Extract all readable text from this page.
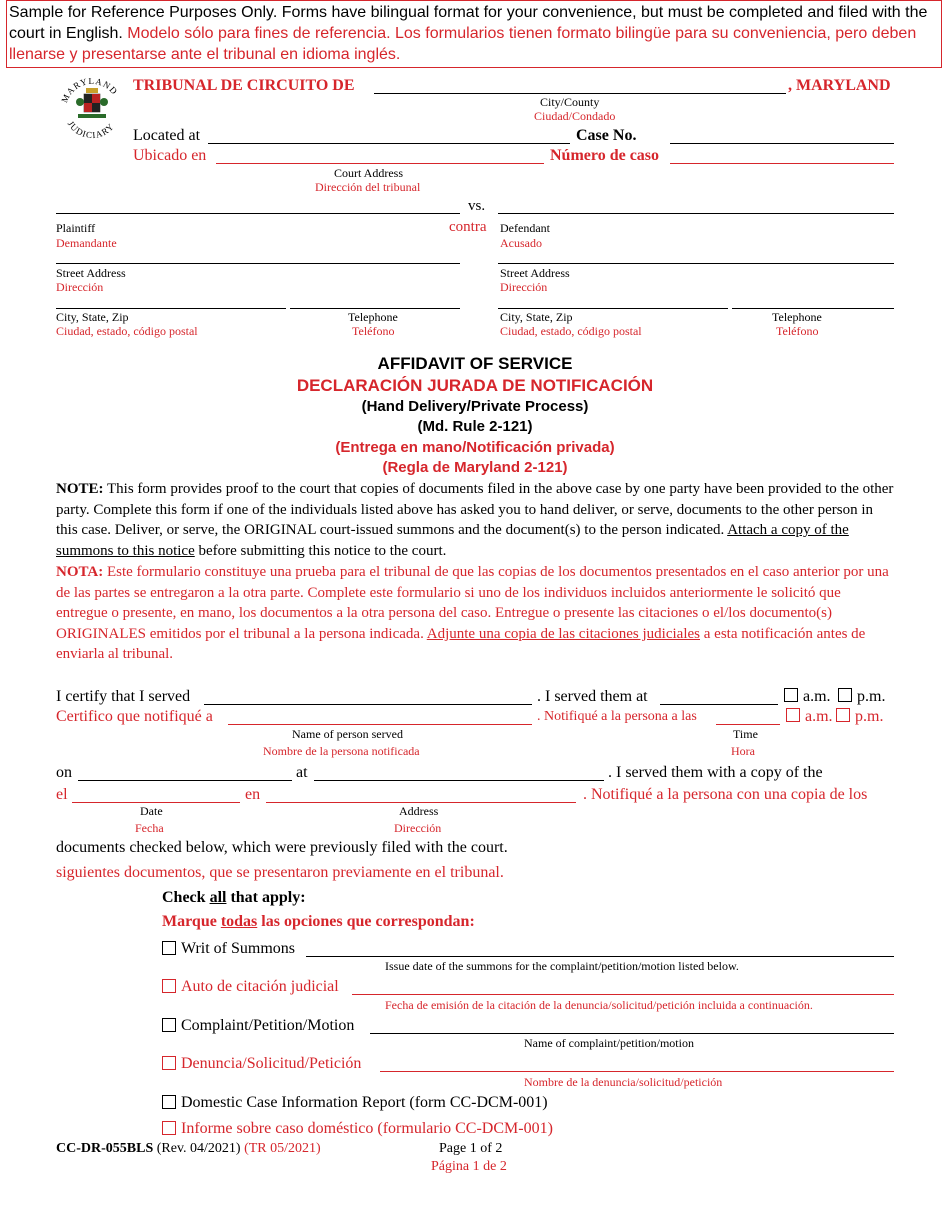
Sample for Reference Purposes Only. Forms have bilingual format for your convenience, but must be completed and filed with the court in English. Modelo sólo para fines de referencia. Los formularios tienen formato bilingüe para su conveniencia, pero deben llenarse y presentarse ante el tribunal en idioma inglés.
MARYLAND
JUDICIARY
TRIBUNAL DE CIRCUITO DE	, MARYLAND
City/County
Ciudad/Condado
Located at	Case No.
Ubicado en	Número de caso
Court Address
Dirección del tribunal
vs.
contra
Plaintiff
Demandante
Defendant
Acusado
Street Address
Dirección
Street Address
Dirección
City, State, Zip
Ciudad, estado, código postal
Telephone
Teléfono
City, State, Zip
Ciudad, estado, código postal
Telephone
Teléfono
AFFIDAVIT OF SERVICE
DECLARACIÓN JURADA DE NOTIFICACIÓN
(Hand Delivery/Private Process)
(Md. Rule 2-121)
(Entrega en mano/Notificación privada)
(Regla de Maryland 2-121)
NOTE: This form provides proof to the court that copies of documents filed in the above case by one party have been provided to the other party. Complete this form if one of the individuals listed above has asked you to hand deliver, or serve, documents to the other person in this case. Deliver, or serve, the ORIGINAL court-issued summons and the document(s) to the person indicated. Attach a copy of the summons to this notice before submitting this notice to the court.
NOTA: Este formulario constituye una prueba para el tribunal de que las copias de los documentos presentados en el caso anterior por una de las partes se entregaron a la otra parte. Complete este formulario si uno de los individuos incluidos anteriormente le solicitó que entregue o presente, en mano, los documentos a la otra persona del caso. Entregue o presente las citaciones o el/los documento(s) ORIGINALES emitidos por el tribunal a la persona indicada. Adjunte una copia de las citaciones judiciales a esta notificación antes de enviarla al tribunal.
I certify that I served	. I served them at	a.m. p.m.
Certifico que notifiqué a	. Notifiqué a la persona a las	a.m. p.m.
Name of person served
Nombre de la persona notificada
Time
Hora
on	at	. I served them with a copy of the
el	en	. Notifiqué a la persona con una copia de los
Date
Fecha
Address
Dirección
documents checked below, which were previously filed with the court.
siguientes documentos, que se presentaron previamente en el tribunal.
Check all that apply:
Marque todas las opciones que correspondan:
Writ of Summons
Issue date of the summons for the complaint/petition/motion listed below.
Auto de citación judicial
Fecha de emisión de la citación de la denuncia/solicitud/petición incluida a continuación.
Complaint/Petition/Motion
Name of complaint/petition/motion
Denuncia/Solicitud/Petición
Nombre de la denuncia/solicitud/petición
Domestic Case Information Report (form CC-DCM-001)
Informe sobre caso doméstico (formulario CC-DCM-001)
CC-DR-055BLS (Rev. 04/2021) (TR 05/2021)	Page 1 of 2
Página 1 de 2
